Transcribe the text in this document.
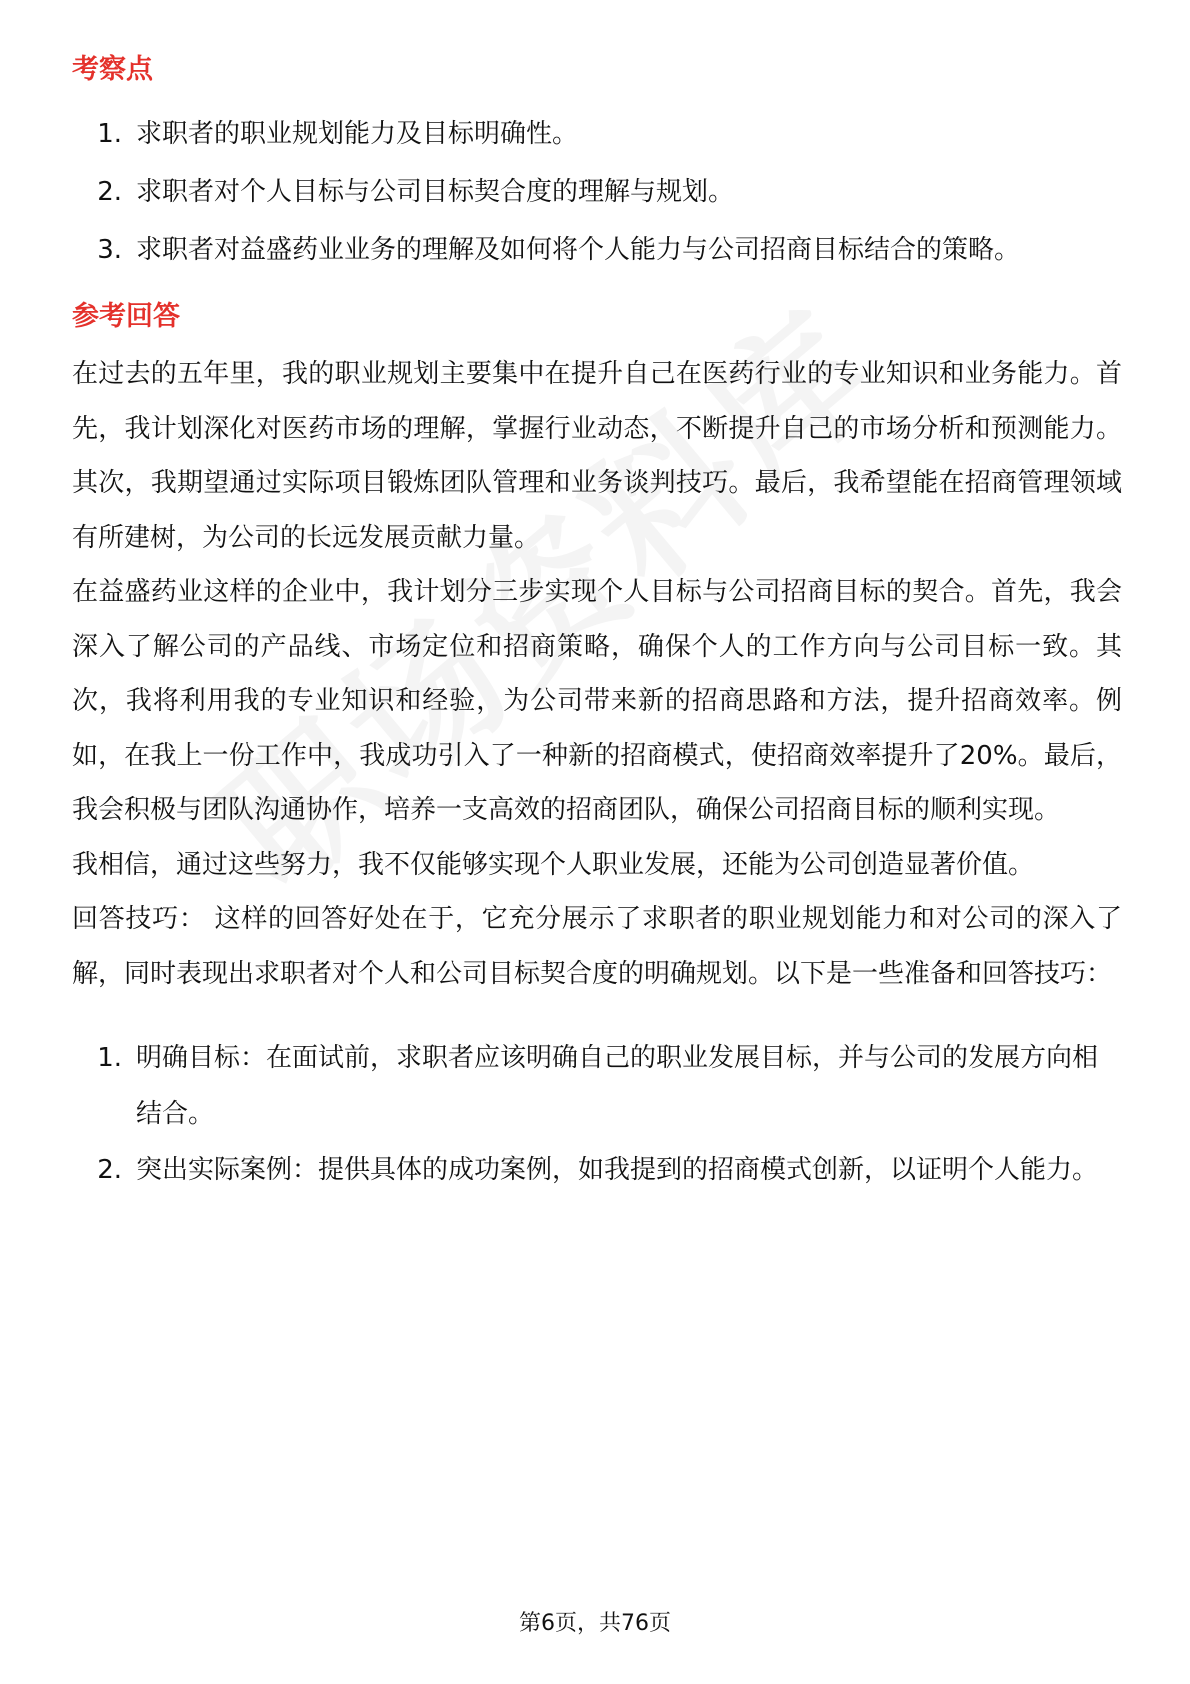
考察点
1. 求职者的职业规划能力及目标明确性。
2. 求职者对个人目标与公司目标契合度的理解与规划。
3. 求职者对益盛药业业务的理解及如何将个人能力与公司招商目标结合的策略。
参考回答

在过去的五年里，我的职业规划主要集中在提升自己在医药行业的专业知识和业务能力。首先，我计划深化对医药市场的理解，掌握行业动态，不断提升自己的市场分析和预测能力。其次，我期望通过实际项目锻炼团队管理和业务谈判技巧。最后，我希望能在招商管理领域有所建树，为公司的长远发展贡献力量。

在益盛药业这样的企业中，我计划分三步实现个人目标与公司招商目标的契合。首先，我会深入了解公司的产品线、市场定位和招商策略，确保个人的工作方向与公司目标一致。其次，我将利用我的专业知识和经验，为公司带来新的招商思路和方法，提升招商效率。例如，在我上一份工作中，我成功引入了一种新的招商模式，使招商效率提升了20%。最后，我会积极与团队沟通协作，培养一支高效的招商团队，确保公司招商目标的顺利实现。

我相信，通过这些努力，我不仅能够实现个人职业发展，还能为公司创造显著价值。

回答技巧： 这样的回答好处在于，它充分展示了求职者的职业规划能力和对公司的深入了解，同时表现出求职者对个人和公司目标契合度的明确规划。以下是一些准备和回答技巧：

1. 明确目标：在面试前，求职者应该明确自己的职业发展目标，并与公司的发展方向相结合。
2. 突出实际案例：提供具体的成功案例，如我提到的招商模式创新，以证明个人能力。
第6页，共76页
